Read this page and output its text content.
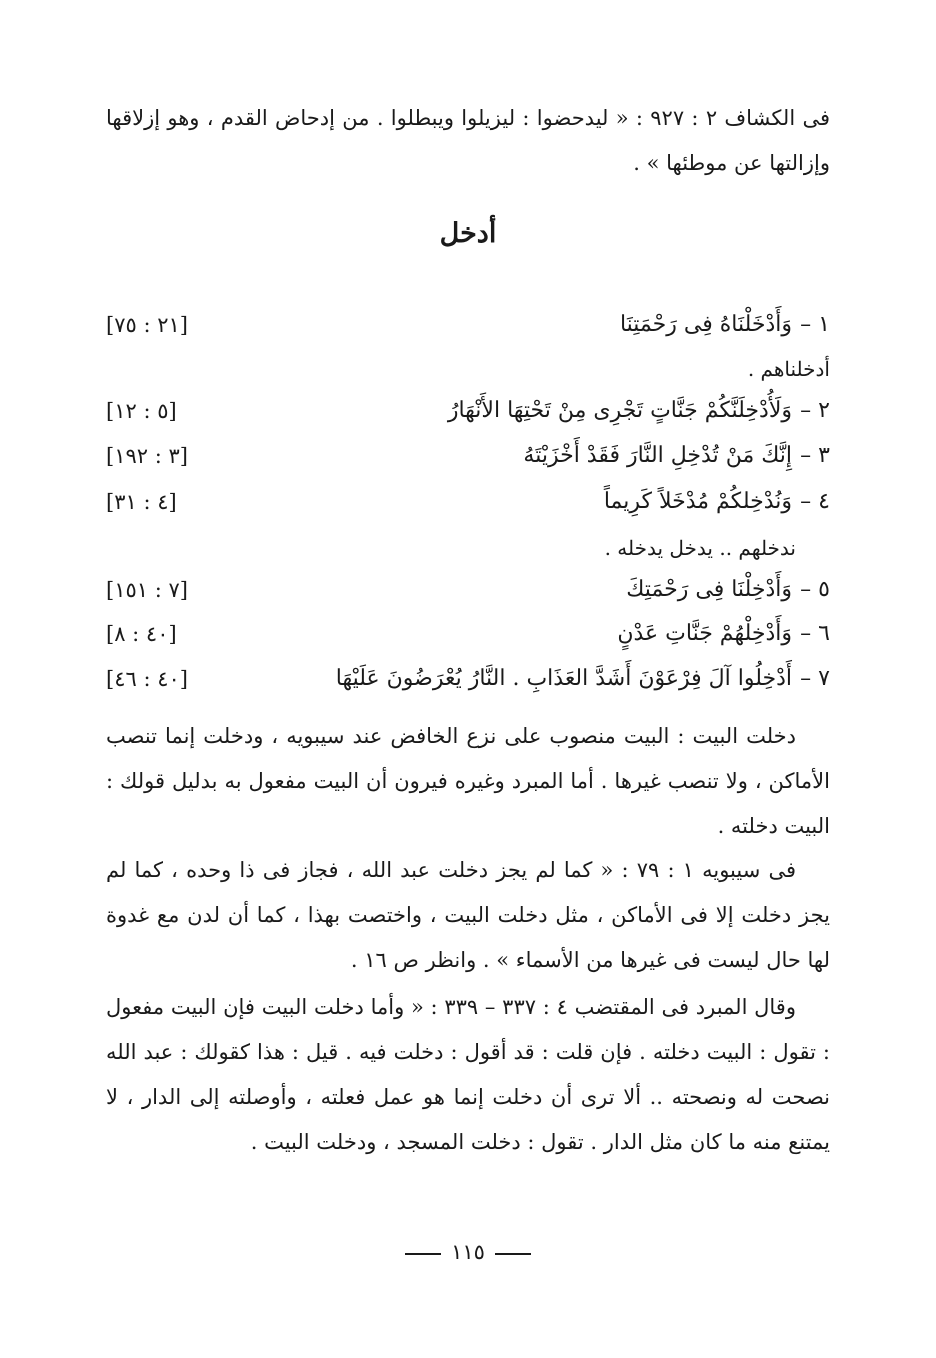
فى الكشاف ٢ : ٩٢٧ : « ليدحضوا : ليزيلوا ويبطلوا . من إدحاض القدم ، وهو إزلاقها وإزالتها عن موطئها » .

أدخل
١ –
وَأَدْخَلْنَاهُ فِى رَحْمَتِنَا
[٢١ : ٧٥]
أدخلناهم .
٢ –
وَلَأُدْخِلَنَّكُمْ جَنَّاتٍ تَجْرِى مِنْ تَحْتِهَا الأَنْهَارُ
[٥ : ١٢]
٣ –
إِنَّكَ مَنْ تُدْخِلِ النَّارَ فَقَدْ أَخْزَيْتَهُ
[٣ : ١٩٢]
٤ –
وَنُدْخِلكُمْ مُدْخَلاً كَرِيماً
[٤ : ٣١]
ندخلهم .. يدخل يدخله .
٥ –
وَأَدْخِلْنَا فِى رَحْمَتِكَ
[٧ : ١٥١]
٦ –
وَأَدْخِلْهُمْ جَنَّاتِ عَدْنٍ
[٤٠ : ٨]
٧ –
أَدْخِلُوا آلَ فِرْعَوْنَ أَشَدَّ العَذَابِ . النَّارُ يُعْرَضُونَ عَلَيْهَا
[٤٠ : ٤٦]

دخلت البيت : البيت منصوب على نزع الخافض عند سيبويه ، ودخلت إنما تنصب الأماكن ، ولا تنصب غيرها . أما المبرد وغيره فيرون أن البيت مفعول به بدليل قولك : البيت دخلته .

فى سيبويه ١ : ٧٩ : « كما لم يجز دخلت عبد الله ، فجاز فى ذا وحده ، كما لم يجز دخلت إلا فى الأماكن ، مثل دخلت البيت ، واختصت بهذا ، كما أن لدن مع غدوة لها حال ليست فى غيرها من الأسماء » . وانظر ص ١٦ .

وقال المبرد فى المقتضب ٤ : ٣٣٧ – ٣٣٩ : « وأما دخلت البيت فإن البيت مفعول : تقول : البيت دخلته . فإن قلت : قد أقول : دخلت فيه . قيل : هذا كقولك : عبد الله نصحت له ونصحته .. ألا ترى أن دخلت إنما هو عمل فعلته ، وأوصلته إلى الدار ، لا يمتنع منه ما كان مثل الدار . تقول : دخلت المسجد ، ودخلت البيت .

١١٥
